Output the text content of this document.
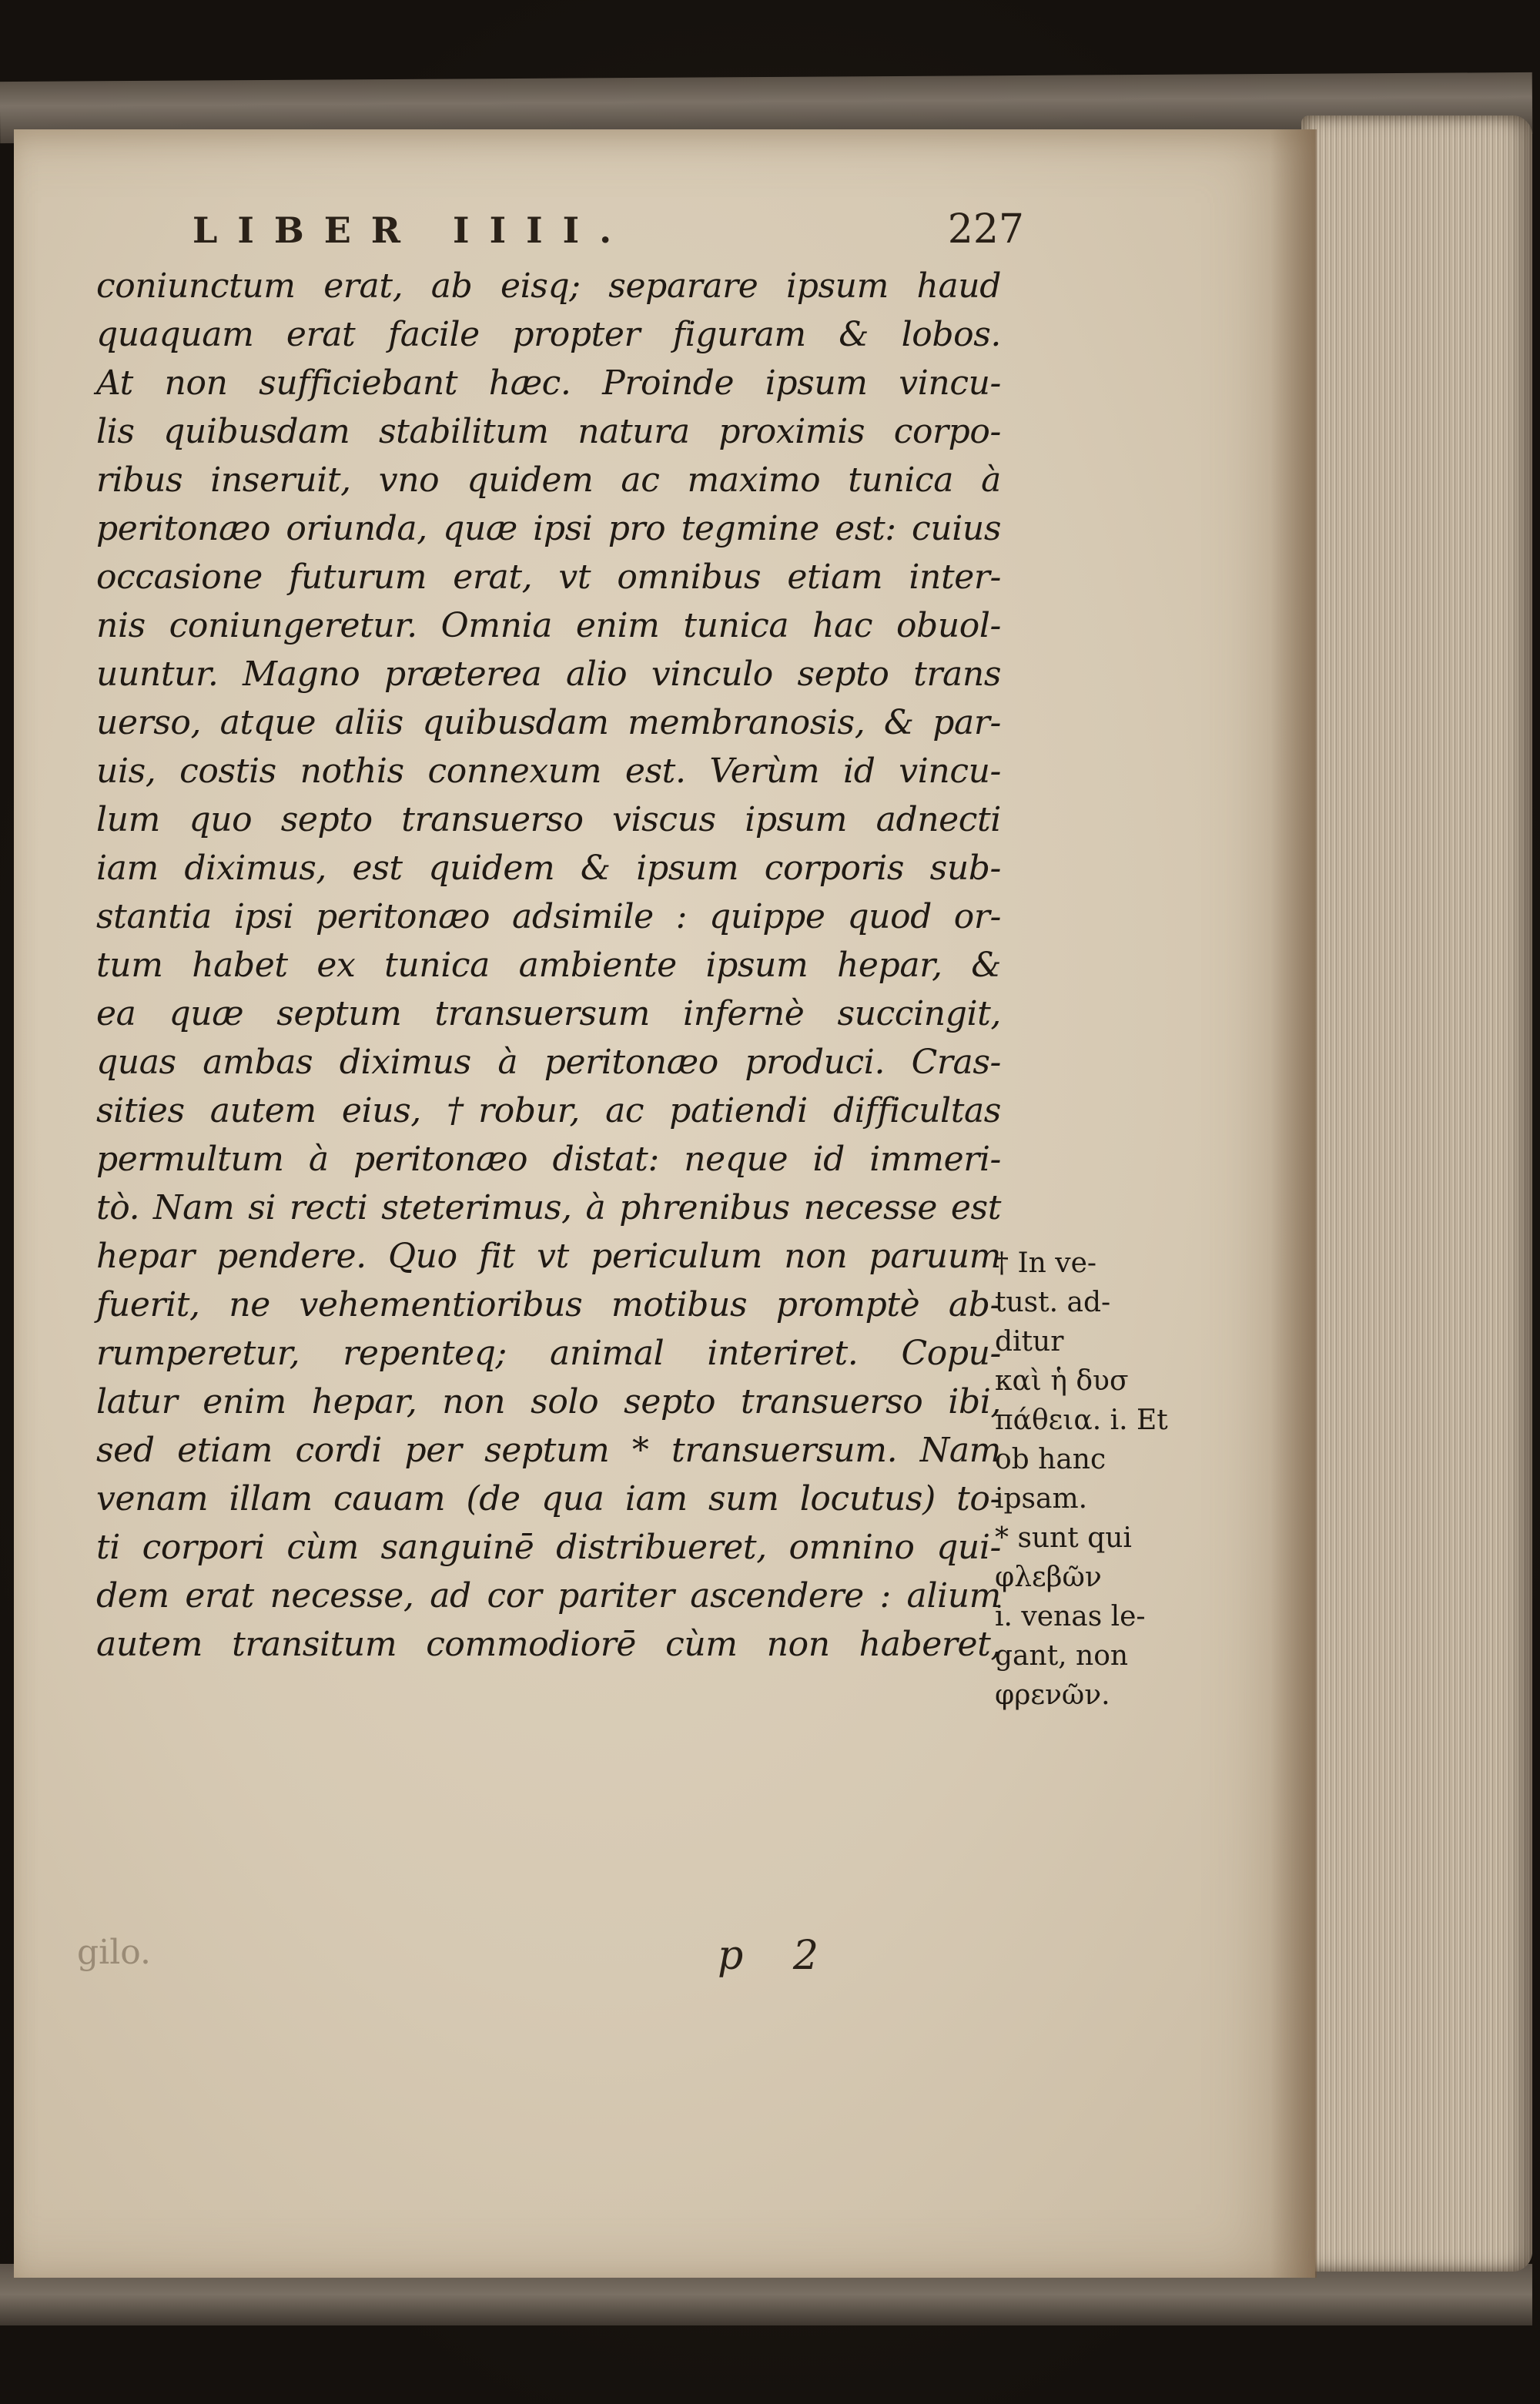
LIBER IIII.	227
coniunctum erat, ab eisq; separare ipsum haud
quaquam erat facile propter figuram & lobos.
At non sufficiebant hæc. Proinde ipsum vincu-
lis quibusdam stabilitum natura proximis corpo-
ribus inseruit, vno quidem ac maximo tunica à
peritonæo oriunda, quæ ipsi pro tegmine est: cuius
occasione futurum erat, vt omnibus etiam inter-
nis coniungeretur. Omnia enim tunica hac obuol-
uuntur. Magno præterea alio vinculo septo trans
uerso, atque aliis quibusdam membranosis, & par-
uis, costis nothis connexum est. Verùm id vincu-
lum quo septo transuerso viscus ipsum adnecti
iam diximus, est quidem & ipsum corporis sub-
stantia ipsi peritonæo adsimile : quippe quod or-
tum habet ex tunica ambiente ipsum hepar, &
ea quæ septum transuersum infernè succingit,
quas ambas diximus à peritonæo produci. Cras-
sities autem eius, †robur, ac patiendi difficultas
permultum à peritonæo distat: neque id immeri-
tò. Nam si recti steterimus, à phrenibus necesse est
hepar pendere. Quo fit vt periculum non paruum
fuerit, ne vehementioribus motibus promptè ab-
rumperetur, repenteq; animal interiret. Copu-
latur enim hepar, non solo septo transuerso ibi,
sed etiam cordi per septum * transuersum. Nam
venam illam cauam (de qua iam sum locutus) to-
ti corpori cùm sanguinē distribueret, omnino qui-
dem erat necesse, ad cor pariter ascendere : alium
autem transitum commodiorē cùm non haberet,
† In ve-
tust. ad-
ditur
καὶ ἡ δυσ
πάθεια. i. Et
ob hanc
ipsam.
* sunt qui
φλεβῶν
i. venas le-
gant, non
φρενῶν.
gilo.	p 2
